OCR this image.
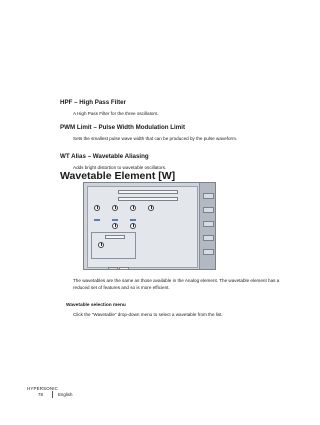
HPF – High Pass Filter
A High Pass Filter for the three oscillators.
PWM Limit – Pulse Width Modulation Limit
Sets the smallest pulse wave width that can be produced by the pulse waveform.
WT Alias – Wavetable Aliasing
Adds bright distortion to wavetable oscillators.
Wavetable Element [W]
The wavetables are the same as those available in the Analog element. The wavetable element has a reduced set of features and so is more efficient.
Wavetable selection menu
Click the “Wavetable” drop-down menu to select a wavetable from the list.
HYPERSONIC
78	English
